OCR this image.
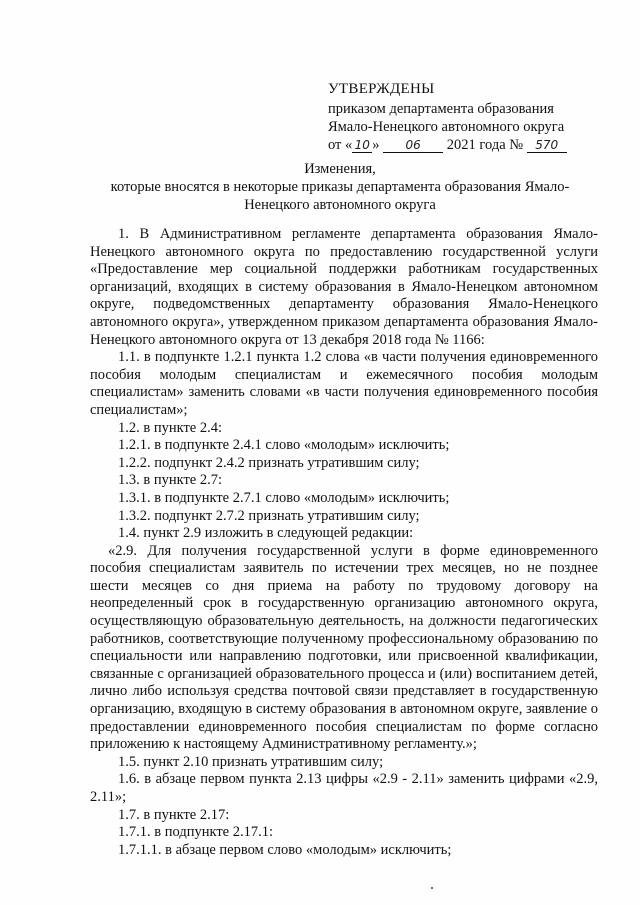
УТВЕРЖДЕНЫ
приказом департамента образования
Ямало-Ненецкого автономного округа
от « 10 » 06 2021 года № 570
Изменения,
которые вносятся в некоторые приказы департамента образования Ямало-
Ненецкого автономного округа

1. В Административном регламенте департамента образования Ямало-Ненецкого автономного округа по предоставлению государственной услуги «Предоставление мер социальной поддержки работникам государственных организаций, входящих в систему образования в Ямало-Ненецком автономном округе, подведомственных департаменту образования Ямало-Ненецкого автономного округа», утвержденном приказом департамента образования Ямало-Ненецкого автономного округа от 13 декабря 2018 года № 1166:

1.1. в подпункте 1.2.1 пункта 1.2 слова «в части получения единовременного пособия молодым специалистам и ежемесячного пособия молодым специалистам» заменить словами «в части получения единовременного пособия специалистам»;

1.2. в пункте 2.4:

1.2.1. в подпункте 2.4.1 слово «молодым» исключить;

1.2.2. подпункт 2.4.2 признать утратившим силу;

1.3. в пункте 2.7:

1.3.1. в подпункте 2.7.1 слово «молодым» исключить;

1.3.2. подпункт 2.7.2 признать утратившим силу;

1.4. пункт 2.9 изложить в следующей редакции:

«2.9. Для получения государственной услуги в форме единовременного пособия специалистам заявитель по истечении трех месяцев, но не позднее шести месяцев со дня приема на работу по трудовому договору на неопределенный срок в государственную организацию автономного округа, осуществляющую образовательную деятельность, на должности педагогических работников, соответствующие полученному профессиональному образованию по специальности или направлению подготовки, или присвоенной квалификации, связанные с организацией образовательного процесса и (или) воспитанием детей, лично либо используя средства почтовой связи представляет в государственную организацию, входящую в систему образования в автономном округе, заявление о предоставлении единовременного пособия специалистам по форме согласно приложению к настоящему Административному регламенту.»;

1.5. пункт 2.10 признать утратившим силу;

1.6. в абзаце первом пункта 2.13 цифры «2.9 - 2.11» заменить цифрами «2.9, 2.11»;

1.7. в пункте 2.17:

1.7.1. в подпункте 2.17.1:

1.7.1.1. в абзаце первом слово «молодым» исключить;
